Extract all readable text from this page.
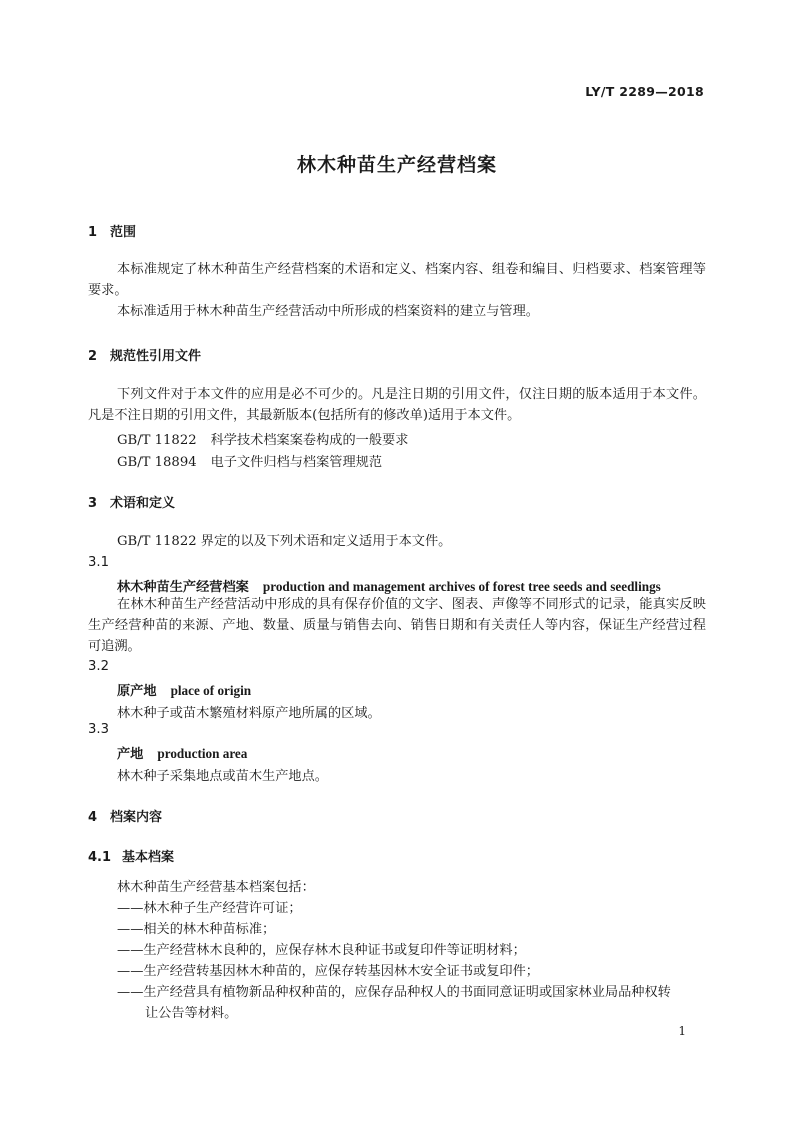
LY/T 2289—2018
林木种苗生产经营档案
1 范围
本标准规定了林木种苗生产经营档案的术语和定义、档案内容、组卷和编目、归档要求、档案管理等要求。
本标准适用于林木种苗生产经营活动中所形成的档案资料的建立与管理。
2 规范性引用文件
下列文件对于本文件的应用是必不可少的。凡是注日期的引用文件，仅注日期的版本适用于本文件。凡是不注日期的引用文件，其最新版本(包括所有的修改单)适用于本文件。
GB/T 11822 科学技术档案案卷构成的一般要求
GB/T 18894 电子文件归档与档案管理规范
3 术语和定义
GB/T 11822 界定的以及下列术语和定义适用于本文件。
3.1
林木种苗生产经营档案 production and management archives of forest tree seeds and seedlings
在林木种苗生产经营活动中形成的具有保存价值的文字、图表、声像等不同形式的记录，能真实反映生产经营种苗的来源、产地、数量、质量与销售去向、销售日期和有关责任人等内容，保证生产经营过程可追溯。
3.2
原产地 place of origin
林木种子或苗木繁殖材料原产地所属的区域。
3.3
产地 production area
林木种子采集地点或苗木生产地点。
4 档案内容
4.1 基本档案
林木种苗生产经营基本档案包括：
——林木种子生产经营许可证；
——相关的林木种苗标准；
——生产经营林木良种的，应保存林木良种证书或复印件等证明材料；
——生产经营转基因林木种苗的，应保存转基因林木安全证书或复印件；
——生产经营具有植物新品种权种苗的，应保存品种权人的书面同意证明或国家林业局品种权转
让公告等材料。
1
